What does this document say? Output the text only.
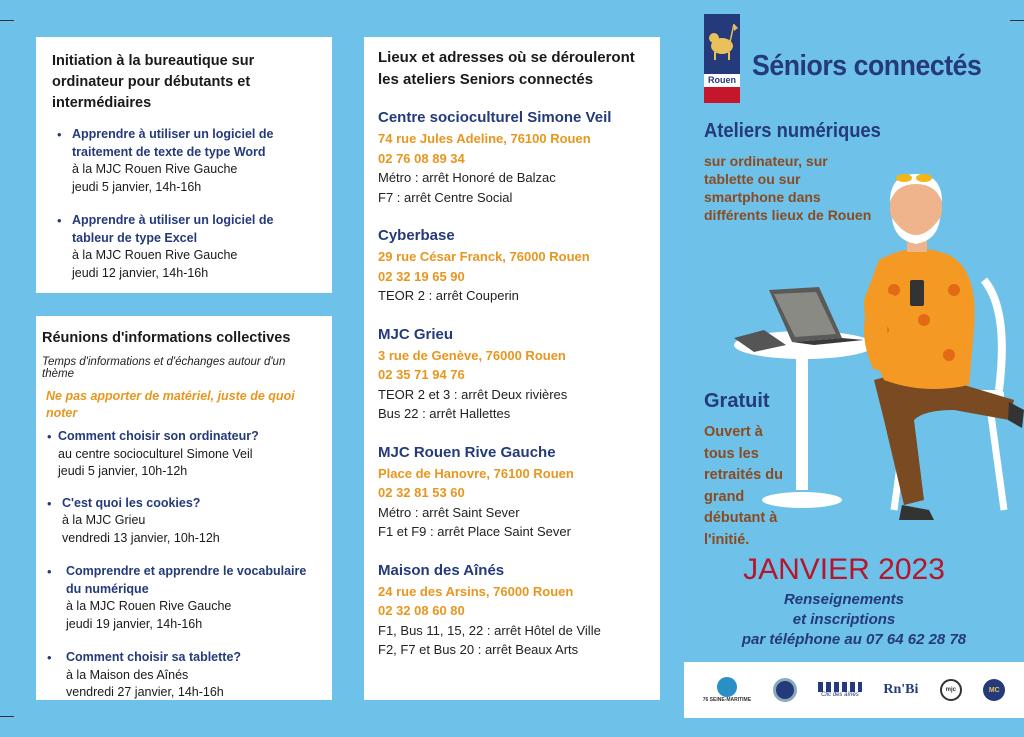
Initiation à la bureautique sur ordinateur pour débutants et intermédiaires
• Apprendre à utiliser un logiciel de traitement de texte de type Word
à la MJC Rouen Rive Gauche
jeudi 5 janvier, 14h-16h
• Apprendre à utiliser un logiciel de tableur de type Excel
à la MJC Rouen Rive Gauche
jeudi 12 janvier, 14h-16h
Réunions d'informations collectives
Temps d'informations et d'échanges autour d'un thème
Ne pas apporter de matériel, juste de quoi noter
• Comment choisir son ordinateur?
au centre socioculturel Simone Veil
jeudi 5 janvier, 10h-12h
• C'est quoi les cookies?
à la MJC Grieu
vendredi 13 janvier, 10h-12h
• Comprendre et apprendre le vocabulaire du numérique
à la MJC Rouen Rive Gauche
jeudi 19 janvier, 14h-16h
• Comment choisir sa tablette?
à la Maison des Aînés
vendredi 27 janvier, 14h-16h
Lieux et adresses où se dérouleront les ateliers Seniors connectés
Centre socioculturel Simone Veil
74 rue Jules Adeline, 76100 Rouen
02 76 08 89 34
Métro : arrêt Honoré de Balzac
F7 : arrêt Centre Social
Cyberbase
29 rue César Franck, 76000 Rouen
02 32 19 65 90
TEOR 2 : arrêt Couperin
MJC Grieu
3 rue de Genève, 76000 Rouen
02 35 71 94 76
TEOR 2 et 3 : arrêt Deux rivières
Bus 22 : arrêt Hallettes
MJC Rouen Rive Gauche
Place de Hanovre, 76100 Rouen
02 32 81 53 60
Métro : arrêt Saint Sever
F1 et F9 : arrêt Place Saint Sever
Maison des Aînés
24 rue des Arsins, 76000 Rouen
02 32 08 60 80
F1, Bus 11, 15, 22 : arrêt Hôtel de Ville
F2, F7 et Bus 20 : arrêt Beaux Arts
Rouen Séniors connectés
Ateliers numériques
sur ordinateur, sur tablette ou sur smartphone dans différents lieux de Rouen
Gratuit
Ouvert à tous les retraités du grand débutant à l'initié.
JANVIER 2023
Renseignements
et inscriptions
par téléphone au 07 64 62 28 78
76 SEINE-MARITIME
Clic des aînés Rn'Bi	mjc	MC
